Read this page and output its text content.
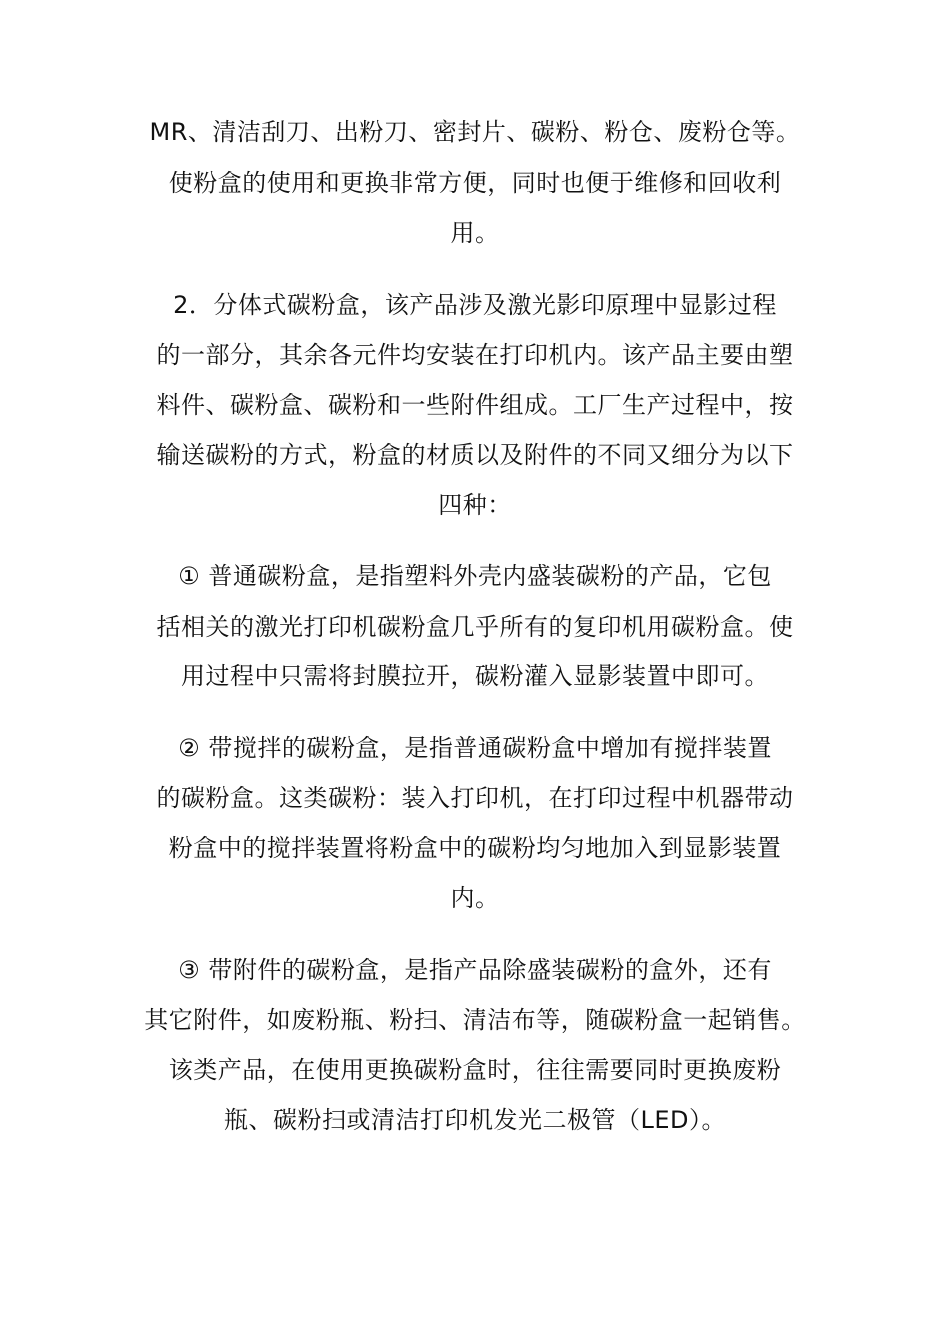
MR、清洁刮刀、出粉刀、密封片、碳粉、粉仓、废粉仓等。
使粉盒的使用和更换非常方便，同时也便于维修和回收利
用。
2．分体式碳粉盒，该产品涉及激光影印原理中显影过程
的一部分，其余各元件均安装在打印机内。该产品主要由塑
料件、碳粉盒、碳粉和一些附件组成。工厂生产过程中，按
输送碳粉的方式，粉盒的材质以及附件的不同又细分为以下
四种：
① 普通碳粉盒，是指塑料外壳内盛装碳粉的产品，它包
括相关的激光打印机碳粉盒几乎所有的复印机用碳粉盒。使
用过程中只需将封膜拉开，碳粉灌入显影装置中即可。
② 带搅拌的碳粉盒，是指普通碳粉盒中增加有搅拌装置
的碳粉盒。这类碳粉：装入打印机，在打印过程中机器带动
粉盒中的搅拌装置将粉盒中的碳粉均匀地加入到显影装置
内。
③ 带附件的碳粉盒，是指产品除盛装碳粉的盒外，还有
其它附件，如废粉瓶、粉扫、清洁布等，随碳粉盒一起销售。
该类产品，在使用更换碳粉盒时，往往需要同时更换废粉
瓶、碳粉扫或清洁打印机发光二极管（LED）。
